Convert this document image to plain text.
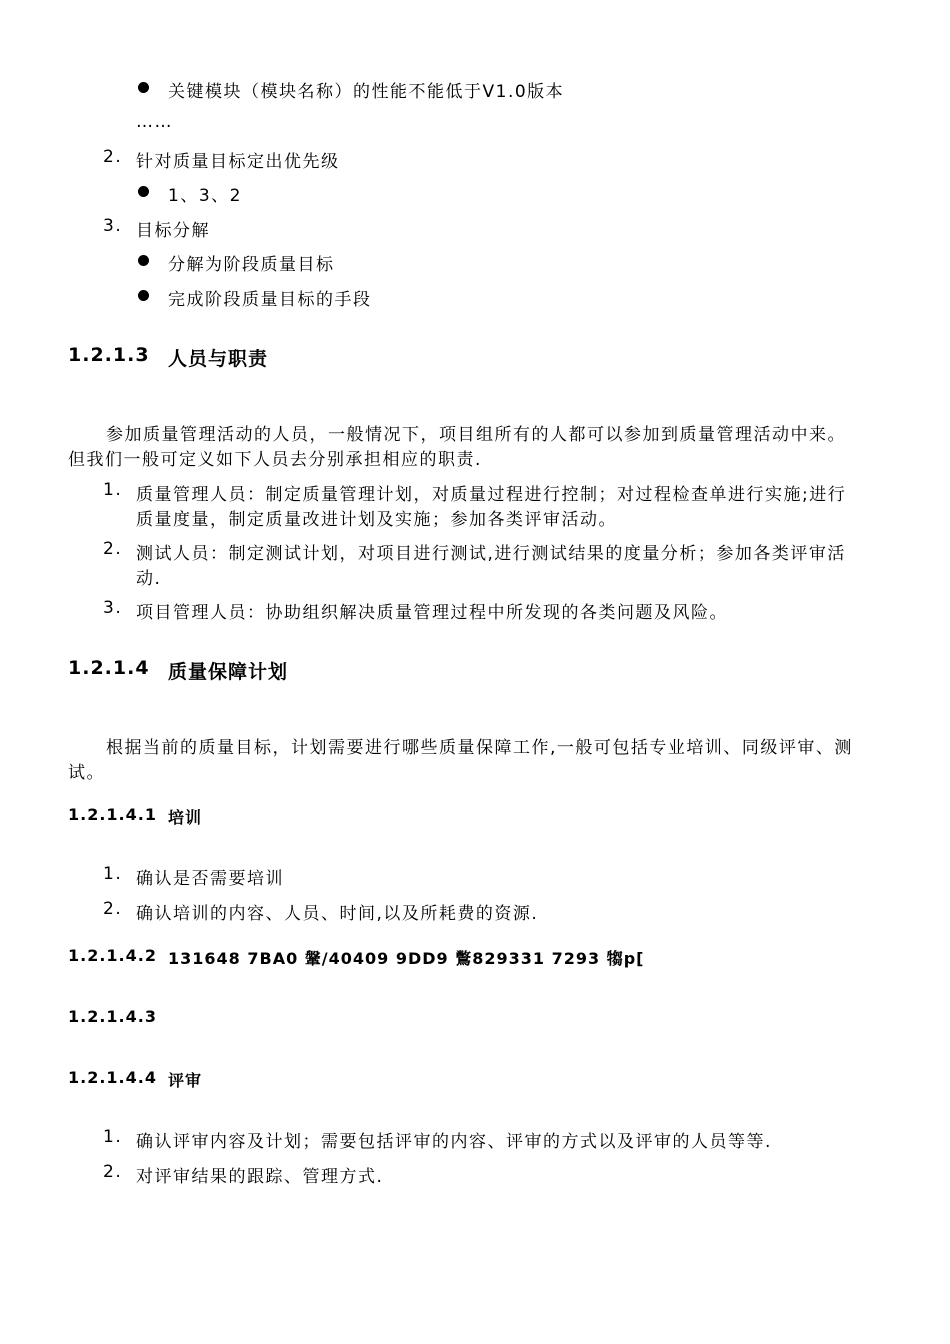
关键模块（模块名称）的性能不能低于V1.0版本
……
2. 针对质量目标定出优先级
1、3、2
3. 目标分解
分解为阶段质量目标
完成阶段质量目标的手段
1.2.1.3 人员与职责
参加质量管理活动的人员，一般情况下，项目组所有的人都可以参加到质量管理活动中来。
但我们一般可定义如下人员去分别承担相应的职责.
1. 质量管理人员：制定质量管理计划，对质量过程进行控制；对过程检查单进行实施;进行
质量度量，制定质量改进计划及实施；参加各类评审活动。
2. 测试人员：制定测试计划，对项目进行测试,进行测试结果的度量分析；参加各类评审活
动.
3. 项目管理人员：协助组织解决质量管理过程中所发现的各类问题及风险。
1.2.1.4 质量保障计划
根据当前的质量目标，计划需要进行哪些质量保障工作,一般可包括专业培训、同级评审、测
试。
1.2.1.4.1 培训
1. 确认是否需要培训
2. 确认培训的内容、人员、时间,以及所耗费的资源.
1.2.1.4.2 131648 7BA0 鞶/40409 9DD9 鷩829331 7293 犓p[
1.2.1.4.3
1.2.1.4.4 评审
1. 确认评审内容及计划；需要包括评审的内容、评审的方式以及评审的人员等等.
2. 对评审结果的跟踪、管理方式.
